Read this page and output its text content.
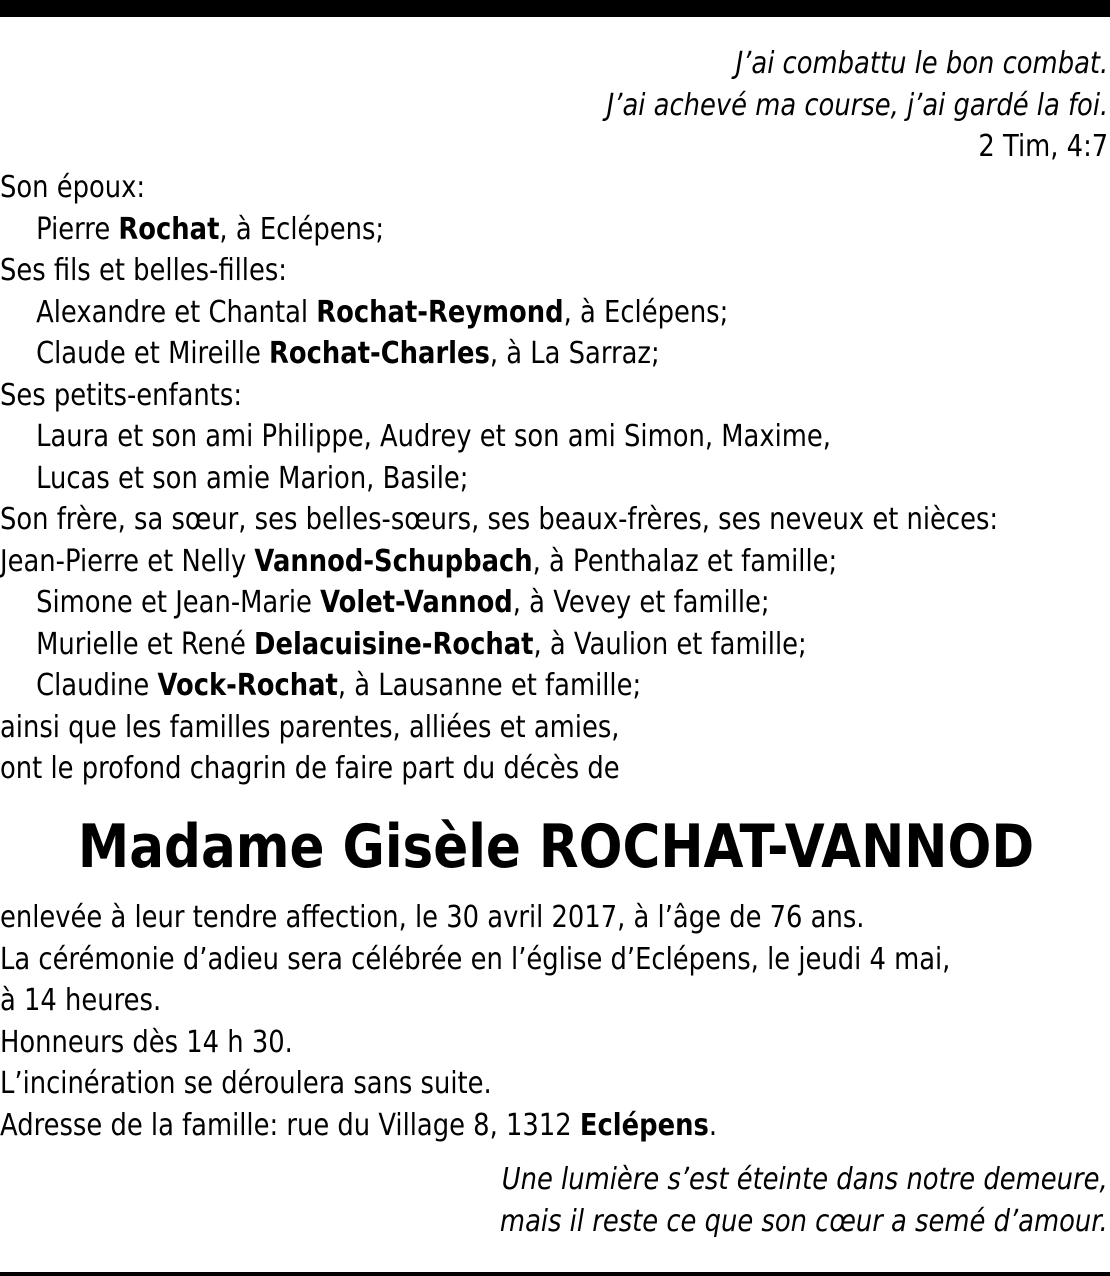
J’ai combattu le bon combat.
J’ai achevé ma course, j’ai gardé la foi.
2 Tim, 4:7
Son époux:
Pierre Rochat, à Eclépens;
Ses fils et belles-filles:
Alexandre et Chantal Rochat-Reymond, à Eclépens;
Claude et Mireille Rochat-Charles, à La Sarraz;
Ses petits-enfants:
Laura et son ami Philippe, Audrey et son ami Simon, Maxime,
Lucas et son amie Marion, Basile;
Son frère, sa sœur, ses belles-sœurs, ses beaux-frères, ses neveux et nièces:
Jean-Pierre et Nelly Vannod-Schupbach, à Penthalaz et famille;
Simone et Jean-Marie Volet-Vannod, à Vevey et famille;
Murielle et René Delacuisine-Rochat, à Vaulion et famille;
Claudine Vock-Rochat, à Lausanne et famille;
ainsi que les familles parentes, alliées et amies,
ont le profond chagrin de faire part du décès de
Madame Gisèle ROCHAT-VANNOD
enlevée à leur tendre affection, le 30 avril 2017, à l’âge de 76 ans.
La cérémonie d’adieu sera célébrée en l’église d’Eclépens, le jeudi 4 mai,
à 14 heures.
Honneurs dès 14 h 30.
L’incinération se déroulera sans suite.
Adresse de la famille: rue du Village 8, 1312 Eclépens.
Une lumière s’est éteinte dans notre demeure,
mais il reste ce que son cœur a semé d’amour.
